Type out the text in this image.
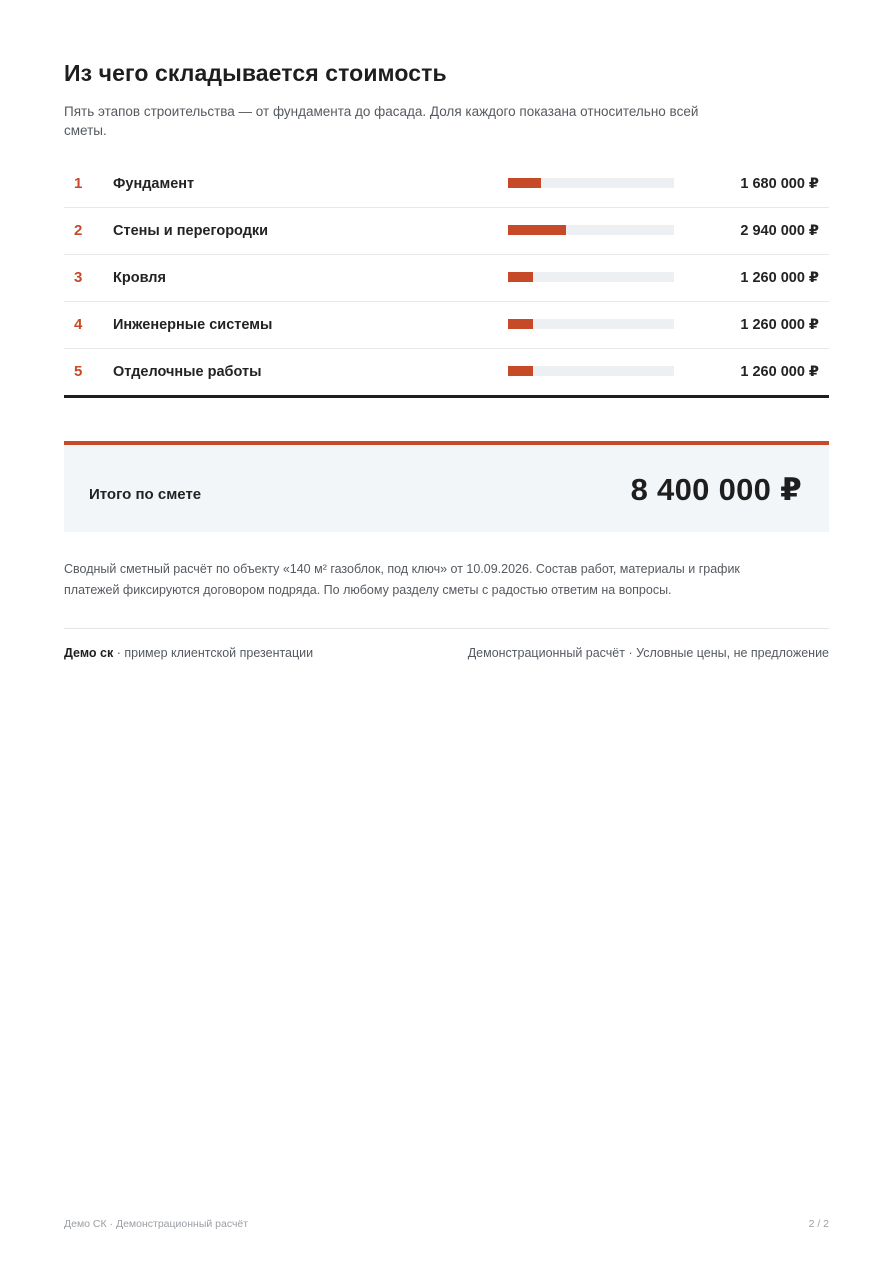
Из чего складывается стоимость

Пять этапов строительства — от фундамента до фасада. Доля каждого показана относительно всей сметы.

1 Фундамент	1 680 000 ₽
2 Стены и перегородки	2 940 000 ₽
3 Кровля	1 260 000 ₽
4 Инженерные системы	1 260 000 ₽
5 Отделочные работы	1 260 000 ₽
Итого по смете	8 400 000 ₽

Сводный сметный расчёт по объекту «140 м² газоблок, под ключ» от 10.09.2026. Состав работ, материалы и график платежей фиксируются договором подряда. По любому разделу сметы с радостью ответим на вопросы.

Демо ск · пример клиентской презентации	Демонстрационный расчёт · Условные цены, не предложение
Демо СК · Демонстрационный расчёт	2 / 2
